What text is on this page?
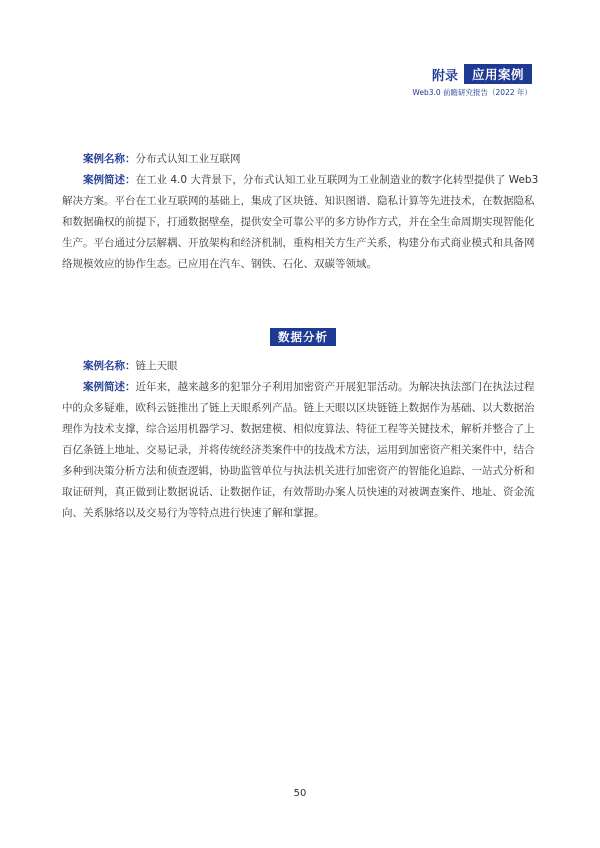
附录	应用案例
Web3.0 前瞻研究报告（2022 年）

案例名称：分布式认知工业互联网

案例简述：在工业 4.0 大背景下，分布式认知工业互联网为工业制造业的数字化转型提供了 Web3 解决方案。平台在工业互联网的基础上，集成了区块链、知识图谱、隐私计算等先进技术，在数据隐私和数据确权的前提下，打通数据壁垒，提供安全可靠公平的多方协作方式，并在全生命周期实现智能化生产。平台通过分层解耦、开放架构和经济机制，重构相关方生产关系，构建分布式商业模式和具备网络规模效应的协作生态。已应用在汽车、钢铁、石化、双碳等领域。

数据分析

案例名称：链上天眼

案例简述：近年来，越来越多的犯罪分子利用加密资产开展犯罪活动。为解决执法部门在执法过程中的众多疑难，欧科云链推出了链上天眼系列产品。链上天眼以区块链链上数据作为基础、以大数据治理作为技术支撑，综合运用机器学习、数据建模、相似度算法、特征工程等关键技术，解析并整合了上百亿条链上地址、交易记录，并将传统经济类案件中的技战术方法，运用到加密资产相关案件中，结合多种到决策分析方法和侦查逻辑，协助监管单位与执法机关进行加密资产的智能化追踪、一站式分析和取证研判，真正做到让数据说话、让数据作证，有效帮助办案人员快速的对被调查案件、地址、资金流向、关系脉络以及交易行为等特点进行快速了解和掌握。

50
